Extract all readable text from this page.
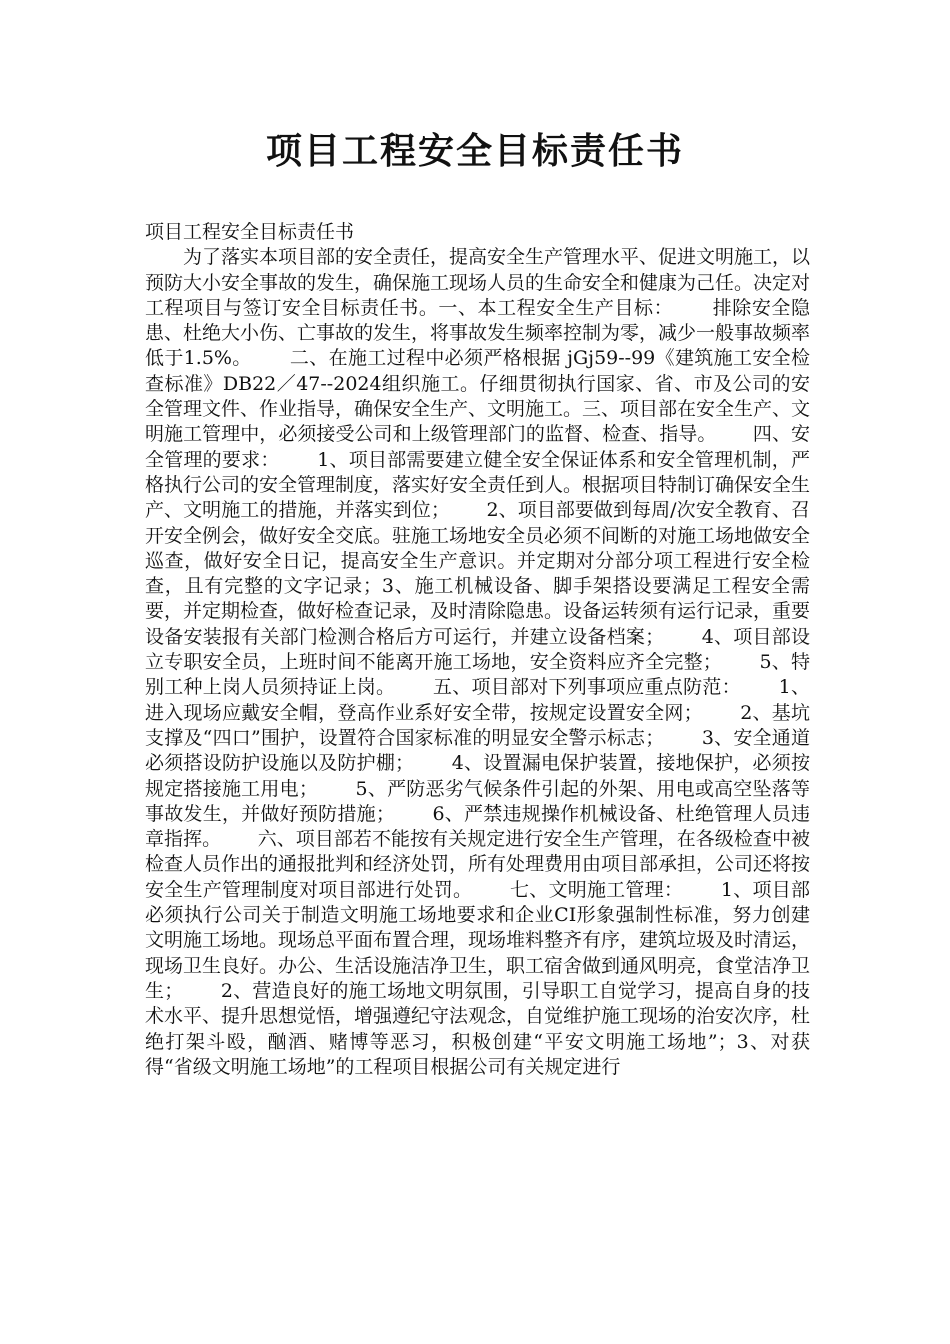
项目工程安全目标责任书

项目工程安全目标责任书

为了落实本项目部的安全责任，提高安全生产管理水平、促进文明施工，以预防大小安全事故的发生，确保施工现场人员的生命安全和健康为己任。决定对工程项目与签订安全目标责任书。一、本工程安全生产目标：      排除安全隐患、杜绝大小伤、亡事故的发生，将事故发生频率控制为零，减少一般事故频率低于1.5%。      二、在施工过程中必须严格根据 jGj59--99《建筑施工安全检查标准》DB22／47--2024组织施工。仔细贯彻执行国家、省、市及公司的安全管理文件、作业指导，确保安全生产、文明施工。三、项目部在安全生产、文明施工管理中，必须接受公司和上级管理部门的监督、检查、指导。      四、安全管理的要求：      1、项目部需要建立健全安全保证体系和安全管理机制，严格执行公司的安全管理制度，落实好安全责任到人。根据项目特制订确保安全生产、文明施工的措施，并落实到位；      2、项目部要做到每周/次安全教育、召开安全例会，做好安全交底。驻施工场地安全员必须不间断的对施工场地做安全巡查，做好安全日记，提高安全生产意识。并定期对分部分项工程进行安全检查，且有完整的文字记录；3、施工机械设备、脚手架搭设要满足工程安全需要，并定期检查，做好检查记录，及时清除隐患。设备运转须有运行记录，重要设备安装报有关部门检测合格后方可运行，并建立设备档案；      4、项目部设立专职安全员，上班时间不能离开施工场地，安全资料应齐全完整；      5、特别工种上岗人员须持证上岗。      五、项目部对下列事项应重点防范：      1、进入现场应戴安全帽，登高作业系好安全带，按规定设置安全网；      2、基坑支撑及“四口”围护，设置符合国家标准的明显安全警示标志；      3、安全通道必须搭设防护设施以及防护棚；      4、设置漏电保护装置，接地保护，必须按规定搭接施工用电；      5、严防恶劣气候条件引起的外架、用电或高空坠落等事故发生，并做好预防措施；      6、严禁违规操作机械设备、杜绝管理人员违章指挥。      六、项目部若不能按有关规定进行安全生产管理，在各级检查中被检查人员作出的通报批判和经济处罚，所有处理费用由项目部承担，公司还将按安全生产管理制度对项目部进行处罚。      七、文明施工管理：      1、项目部必须执行公司关于制造文明施工场地要求和企业CI形象强制性标准，努力创建文明施工场地。现场总平面布置合理，现场堆料整齐有序，建筑垃圾及时清运，现场卫生良好。办公、生活设施洁净卫生，职工宿舍做到通风明亮，食堂洁净卫生；      2、营造良好的施工场地文明氛围，引导职工自觉学习，提高自身的技术水平、提升思想觉悟，增强遵纪守法观念，自觉维护施工现场的治安次序，杜绝打架斗殴，酗酒、赌博等恶习，积极创建“平安文明施工场地”；3、对获得“省级文明施工场地”的工程项目根据公司有关规定进行
